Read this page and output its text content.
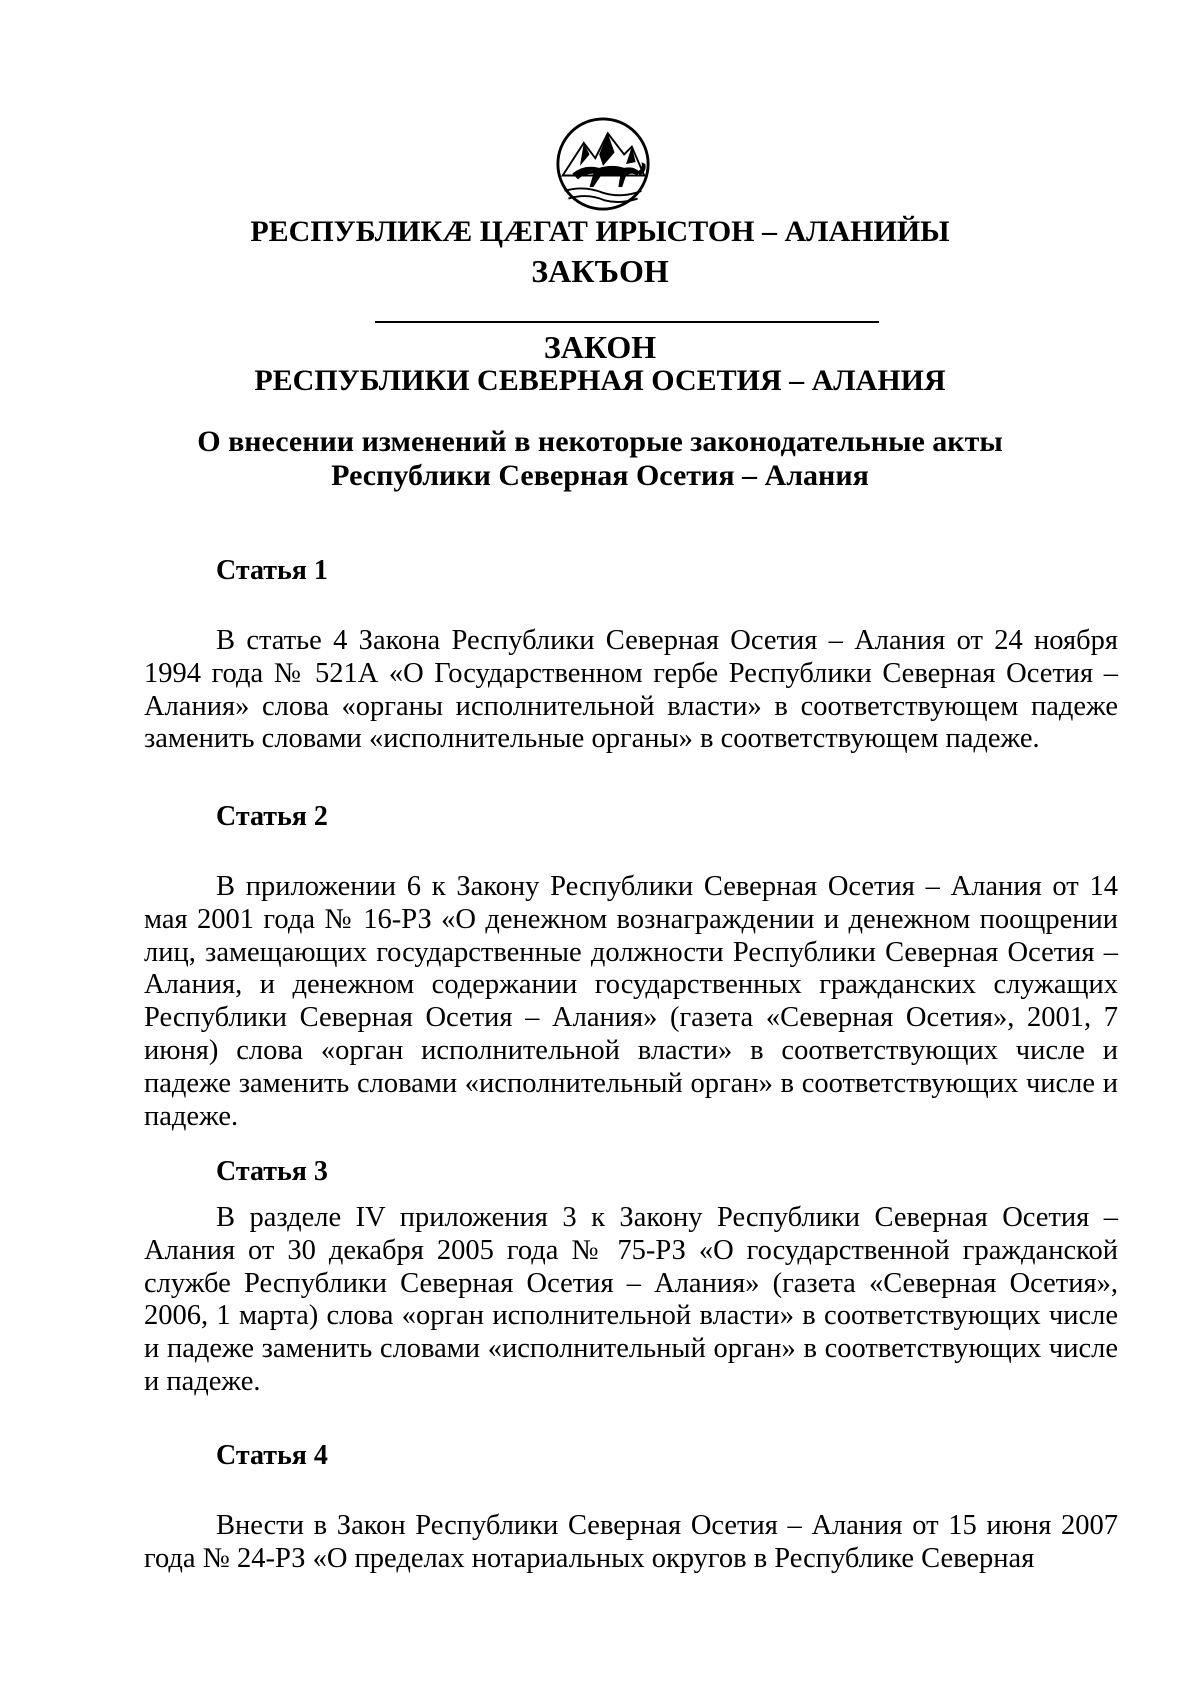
РЕСПУБЛИКÆ ЦÆГАТ ИРЫСТОН – АЛАНИЙЫ
ЗАКЪОН
ЗАКОН
РЕСПУБЛИКИ СЕВЕРНАЯ ОСЕТИЯ – АЛАНИЯ
О внесении изменений в некоторые законодательные акты
Республики Северная Осетия – Алания

Статья 1

В статье 4 Закона Республики Северная Осетия – Алания от 24 ноября 1994 года № 521А «О Государственном гербе Республики Северная Осетия – Алания» слова «органы исполнительной власти» в соответствующем падеже заменить словами «исполнительные органы» в соответствующем падеже.

Статья 2

В приложении 6 к Закону Республики Северная Осетия – Алания от 14 мая 2001 года № 16-РЗ «О денежном вознаграждении и денежном поощрении лиц, замещающих государственные должности Республики Северная Осетия – Алания, и денежном содержании государственных гражданских служащих Республики Северная Осетия – Алания» (газета «Северная Осетия», 2001, 7 июня) слова «орган исполнительной власти» в соответствующих числе и падеже заменить словами «исполнительный орган» в соответствующих числе и падеже.

Статья 3

В разделе IV приложения 3 к Закону Республики Северная Осетия – Алания от 30 декабря 2005 года № 75-РЗ «О государственной гражданской службе Республики Северная Осетия – Алания» (газета «Северная Осетия», 2006, 1 марта) слова «орган исполнительной власти» в соответствующих числе и падеже заменить словами «исполнительный орган» в соответствующих числе и падеже.

Статья 4

Внести в Закон Республики Северная Осетия – Алания от 15 июня 2007 года № 24-РЗ «О пределах нотариальных округов в Республике Северная
